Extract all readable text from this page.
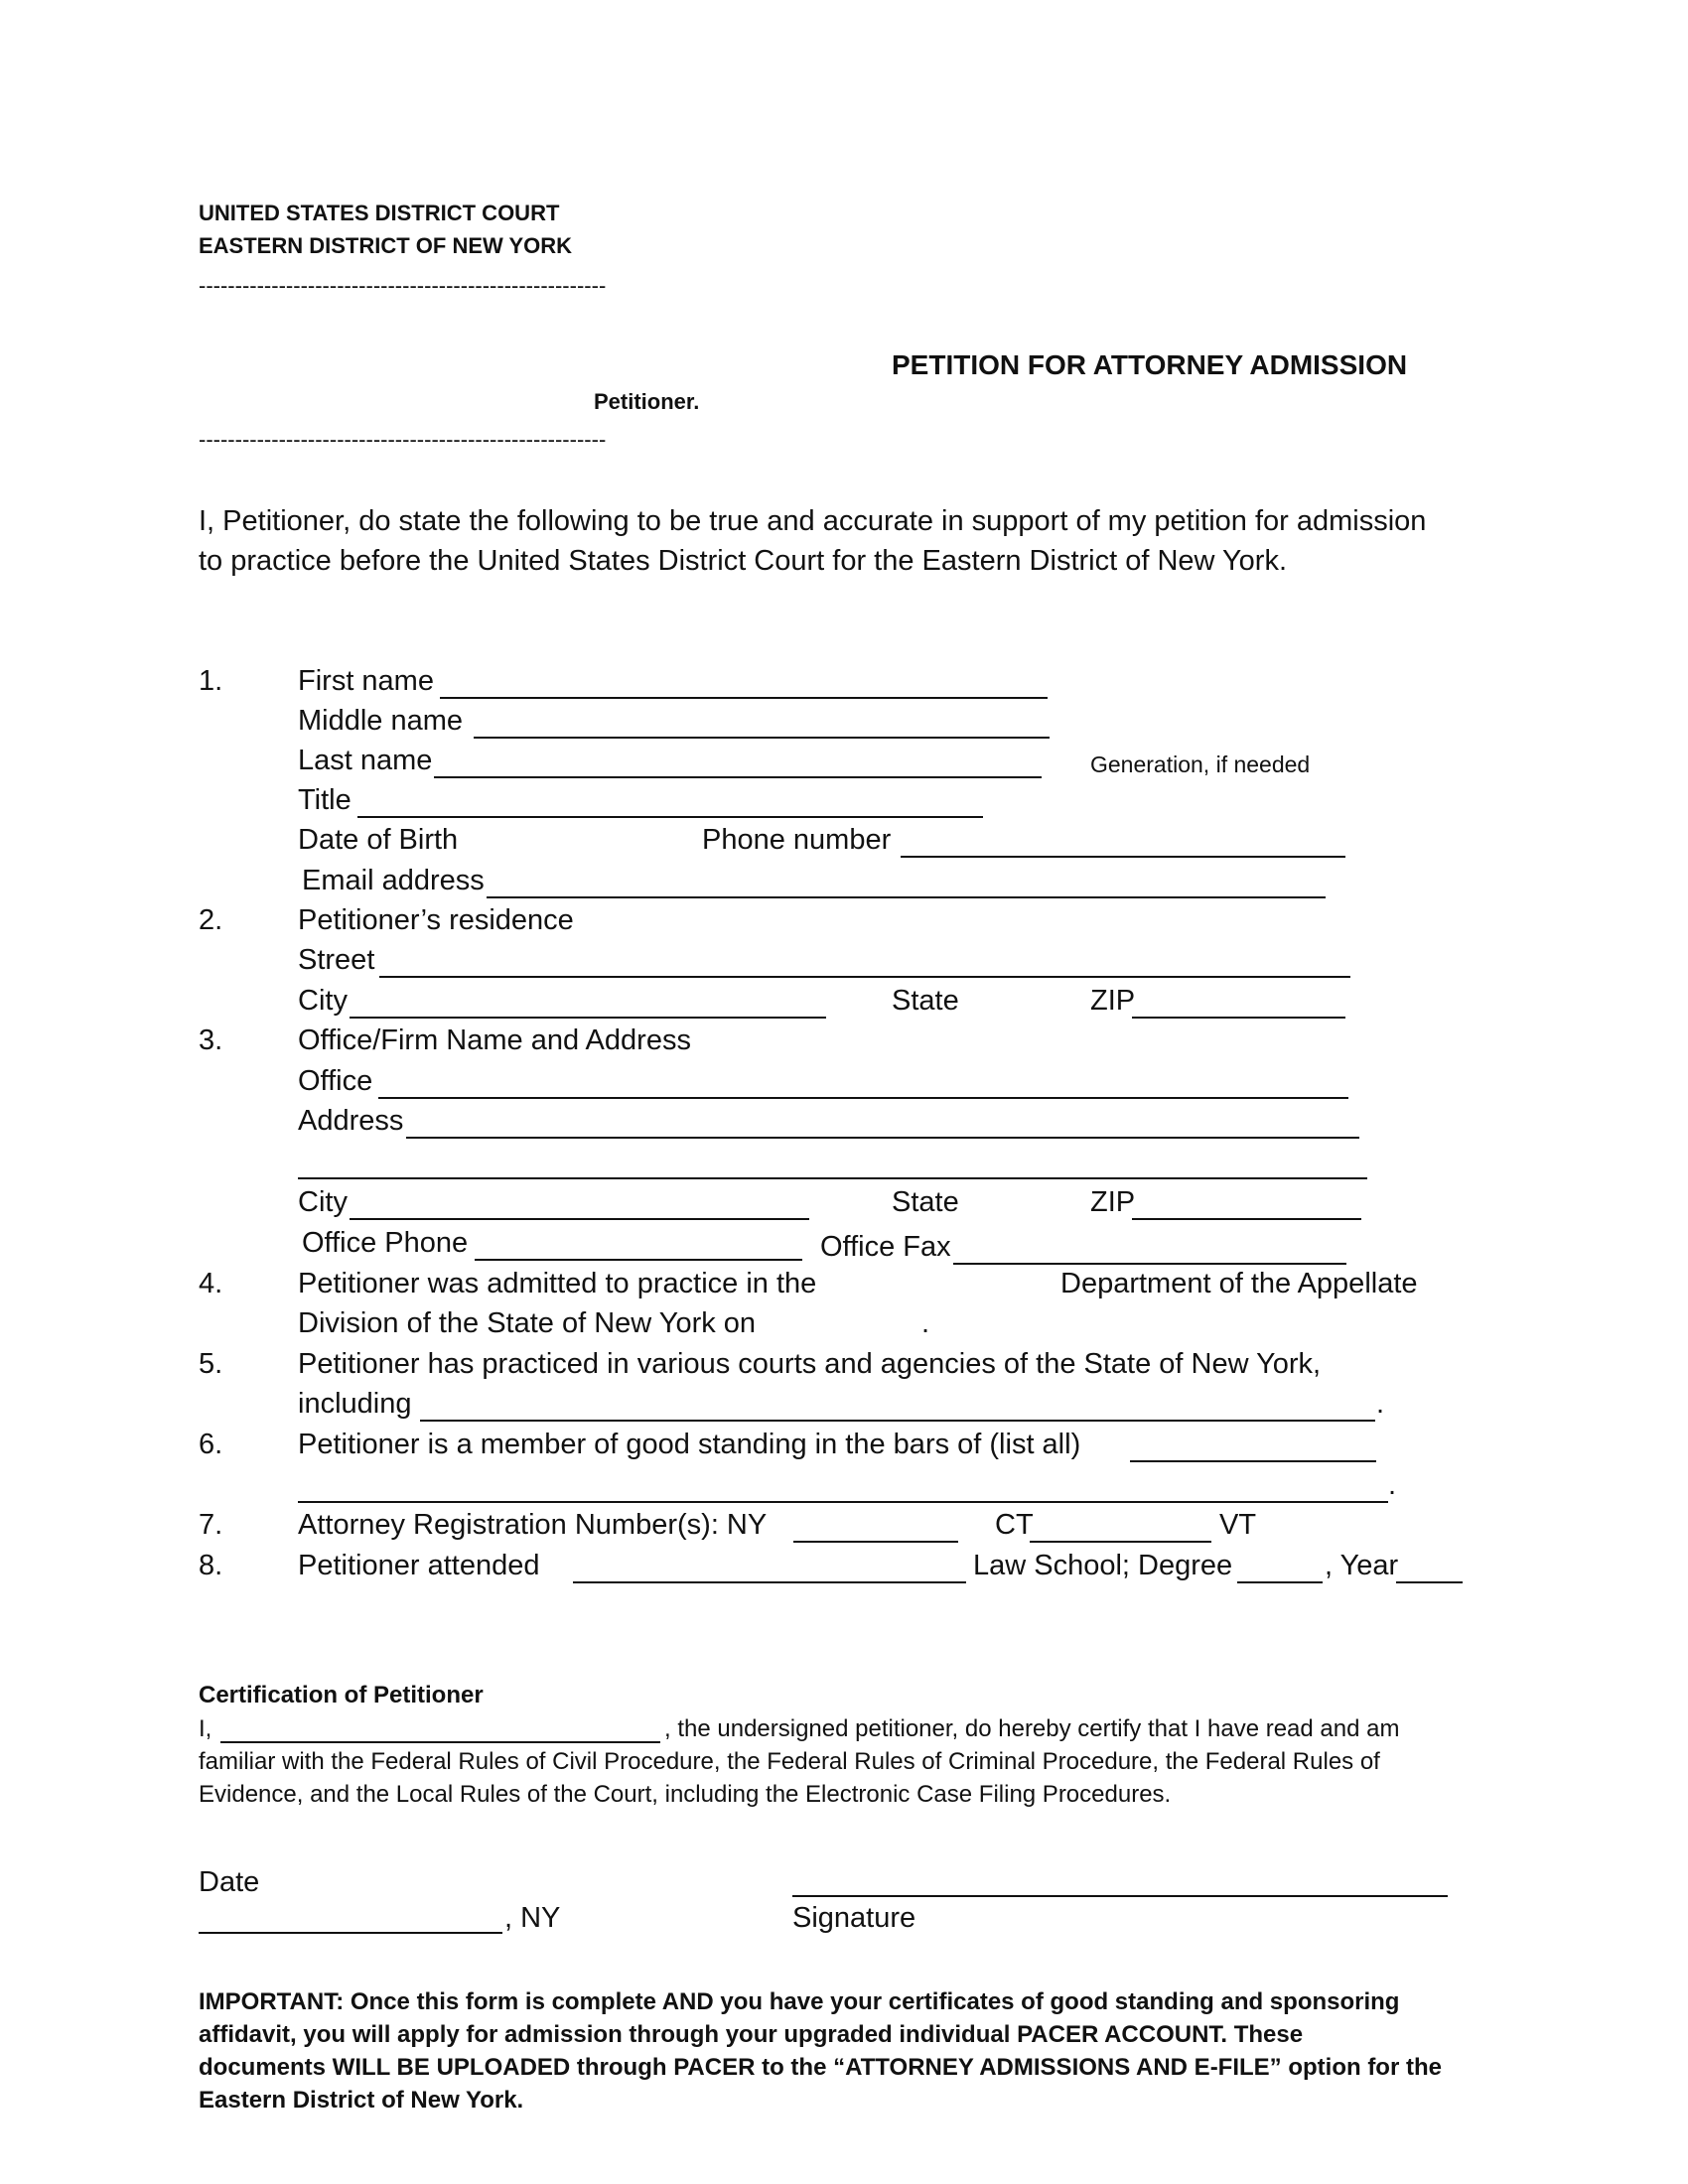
UNITED STATES DISTRICT COURT
EASTERN DISTRICT OF NEW YORK
--------------------------------------------------------
PETITION FOR ATTORNEY ADMISSION
Petitioner.
--------------------------------------------------------
I, Petitioner, do state the following to be true and accurate in support of my petition for admission to practice before the United States District Court for the Eastern District of New York.
1.	First name
Middle name
Last name	Generation, if needed
Title
Date of Birth	Phone number
Email address
2.	Petitioner’s residence
Street
City	State	ZIP
3.	Office/Firm Name and Address
Office
Address
City	State	ZIP
Office Phone	Office Fax
4.	Petitioner was admitted to practice in the	Department of the Appellate
Division of the State of New York on	.
5.	Petitioner has practiced in various courts and agencies of the State of New York,
including	.
6.	Petitioner is a member of good standing in the bars of (list all)
.
7.	Attorney Registration Number(s): NY	CT	VT
8.	Petitioner attended	Law School; Degree	, Year
Certification of Petitioner
I,	, the undersigned petitioner, do hereby certify that I have read and am
familiar with the Federal Rules of Civil Procedure, the Federal Rules of Criminal Procedure, the Federal Rules of
Evidence, and the Local Rules of the Court, including the Electronic Case Filing Procedures.
Date
, NY	Signature
IMPORTANT: Once this form is complete AND you have your certificates of good standing and sponsoring
affidavit, you will apply for admission through your upgraded individual PACER ACCOUNT. These
documents WILL BE UPLOADED through PACER to the “ATTORNEY ADMISSIONS AND E-FILE” option for the
Eastern District of New York.
